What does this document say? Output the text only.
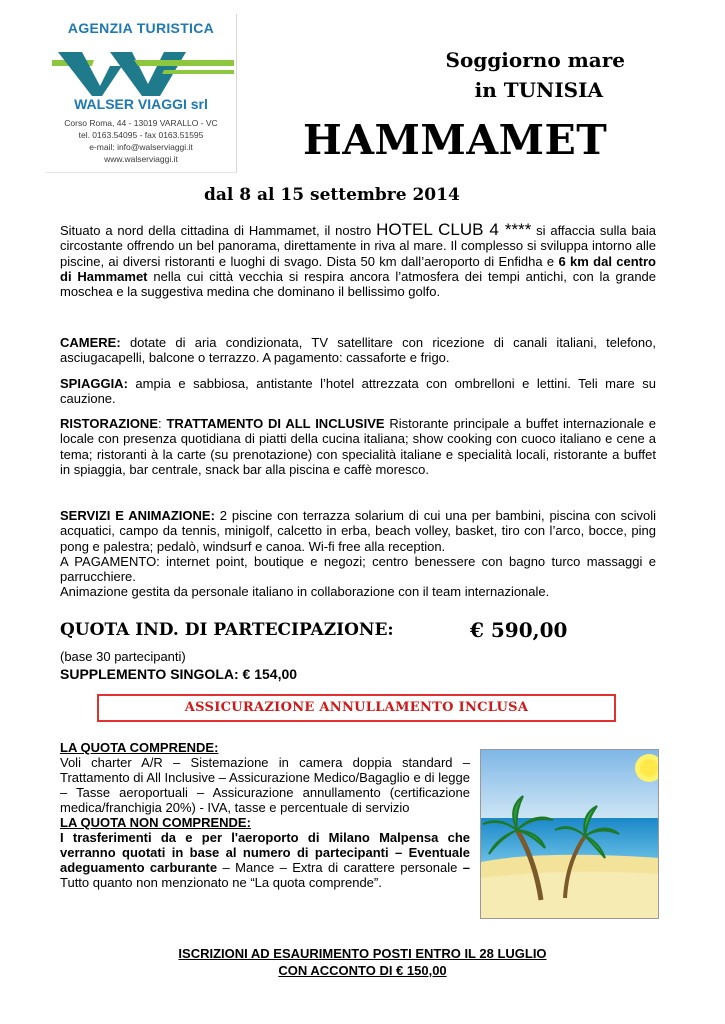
AGENZIA TURISTICA
WALSER VIAGGI srl
Corso Roma, 44 - 13019 VARALLO - VC
tel. 0163.54095 - fax 0163.51595
e-mail: info@walserviaggi.it
www.walserviaggi.it
Soggiorno mare
in TUNISIA
HAMMAMET
dal 8 al 15 settembre 2014
Situato a nord della cittadina di Hammamet, il nostro HOTEL CLUB 4 **** si affaccia sulla baia circostante offrendo un bel panorama, direttamente in riva al mare. Il complesso si sviluppa intorno alle piscine, ai diversi ristoranti e luoghi di svago. Dista 50 km dall’aeroporto di Enfidha e 6 km dal centro di Hammamet nella cui città vecchia si respira ancora l’atmosfera dei tempi antichi, con la grande moschea e la suggestiva medina che dominano il bellissimo golfo.
CAMERE: dotate di aria condizionata, TV satellitare con ricezione di canali italiani, telefono, asciugacapelli, balcone o terrazzo. A pagamento: cassaforte e frigo.
SPIAGGIA: ampia e sabbiosa, antistante l’hotel attrezzata con ombrelloni e lettini. Teli mare su cauzione.
RISTORAZIONE: TRATTAMENTO DI ALL INCLUSIVE Ristorante principale a buffet internazionale e locale con presenza quotidiana di piatti della cucina italiana; show cooking con cuoco italiano e cene a tema; ristoranti à la carte (su prenotazione) con specialità italiane e specialità locali, ristorante a buffet in spiaggia, bar centrale, snack bar alla piscina e caffè moresco.
SERVIZI E ANIMAZIONE: 2 piscine con terrazza solarium di cui una per bambini, piscina con scivoli acquatici, campo da tennis, minigolf, calcetto in erba, beach volley, basket, tiro con l’arco, bocce, ping pong e palestra; pedalò, windsurf e canoa. Wi-fi free alla reception.
A PAGAMENTO: internet point, boutique e negozi; centro benessere con bagno turco massaggi e parrucchiere.
Animazione gestita da personale italiano in collaborazione con il team internazionale.
QUOTA IND. DI PARTECIPAZIONE:	€ 590,00
(base 30 partecipanti)
SUPPLEMENTO SINGOLA: € 154,00
ASSICURAZIONE ANNULLAMENTO INCLUSA
LA QUOTA COMPRENDE:
Voli charter A/R – Sistemazione in camera doppia standard – Trattamento di All Inclusive – Assicurazione Medico/Bagaglio e di legge – Tasse aeroportuali – Assicurazione annullamento (certificazione medica/franchigia 20%) - IVA, tasse e percentuale di servizio
LA QUOTA NON COMPRENDE:
I trasferimenti da e per l'aeroporto di Milano Malpensa che verranno quotati in base al numero di partecipanti – Eventuale adeguamento carburante – Mance – Extra di carattere personale – Tutto quanto non menzionato ne “La quota comprende”.
ISCRIZIONI AD ESAURIMENTO POSTI ENTRO IL 28 LUGLIO
CON ACCONTO DI € 150,00
